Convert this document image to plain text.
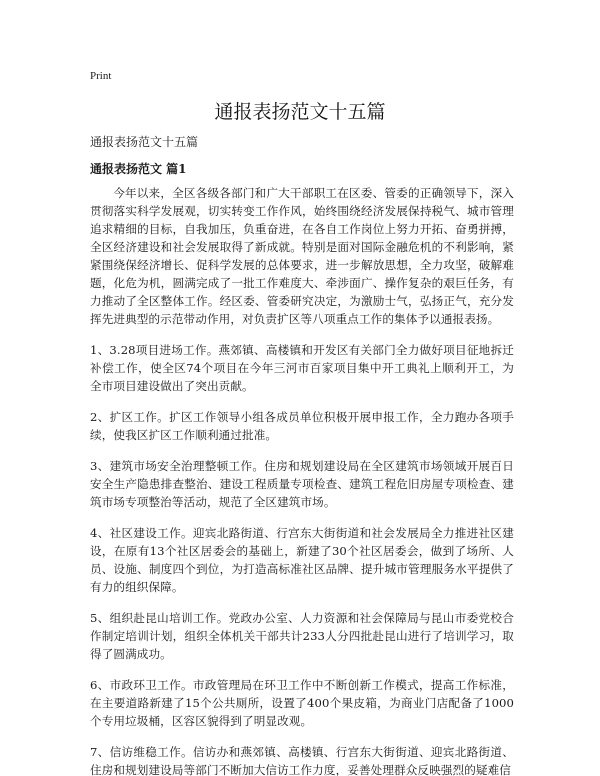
Print
通报表扬范文十五篇

通报表扬范文十五篇

通报表扬范文 篇1

今年以来，全区各级各部门和广大干部职工在区委、管委的正确领导下，深入贯彻落实科学发展观，切实转变工作作风，始终围绕经济发展保持税气、城市管理追求精细的目标，自我加压，负重奋进，在各自工作岗位上努力开拓、奋勇拼搏，全区经济建设和社会发展取得了新成就。特别是面对国际金融危机的不利影响，紧紧围绕保经济增长、促科学发展的总体要求，进一步解放思想，全力攻坚，破解难题，化危为机，圆满完成了一批工作难度大、牵涉面广、操作复杂的艰巨任务，有力推动了全区整体工作。经区委、管委研究决定，为激励士气，弘扬正气，充分发挥先进典型的示范带动作用，对负责扩区等八项重点工作的集体予以通报表扬。

1、3.28项目进场工作。燕郊镇、高楼镇和开发区有关部门全力做好项目征地拆迁补偿工作，使全区74个项目在今年三河市百家项目集中开工典礼上顺利开工，为全市项目建设做出了突出贡献。

2、扩区工作。扩区工作领导小组各成员单位积极开展申报工作，全力跑办各项手续，使我区扩区工作顺利通过批准。

3、建筑市场安全治理整顿工作。住房和规划建设局在全区建筑市场领域开展百日安全生产隐患排查整治、建设工程质量专项检查、建筑工程危旧房屋专项检查、建筑市场专项整治等活动，规范了全区建筑市场。

4、社区建设工作。迎宾北路街道、行宫东大街街道和社会发展局全力推进社区建设，在原有13个社区居委会的基础上，新建了30个社区居委会，做到了场所、人员、设施、制度四个到位，为打造高标准社区品牌、提升城市管理服务水平提供了有力的组织保障。

5、组织赴昆山培训工作。党政办公室、人力资源和社会保障局与昆山市委党校合作制定培训计划，组织全体机关干部共计233人分四批赴昆山进行了培训学习，取得了圆满成功。

6、市政环卫工作。市政管理局在环卫工作中不断创新工作模式，提高工作标准，在主要道路新建了15个公共厕所，设置了400个果皮箱，为商业门店配备了1000个专用垃圾桶，区容区貌得到了明显改观。

7、信访维稳工作。信访办和燕郊镇、高楼镇、行宫东大街街道、迎宾北路街道、住房和规划建设局等部门不断加大信访工作力度，妥善处理群众反映强烈的疑难信
